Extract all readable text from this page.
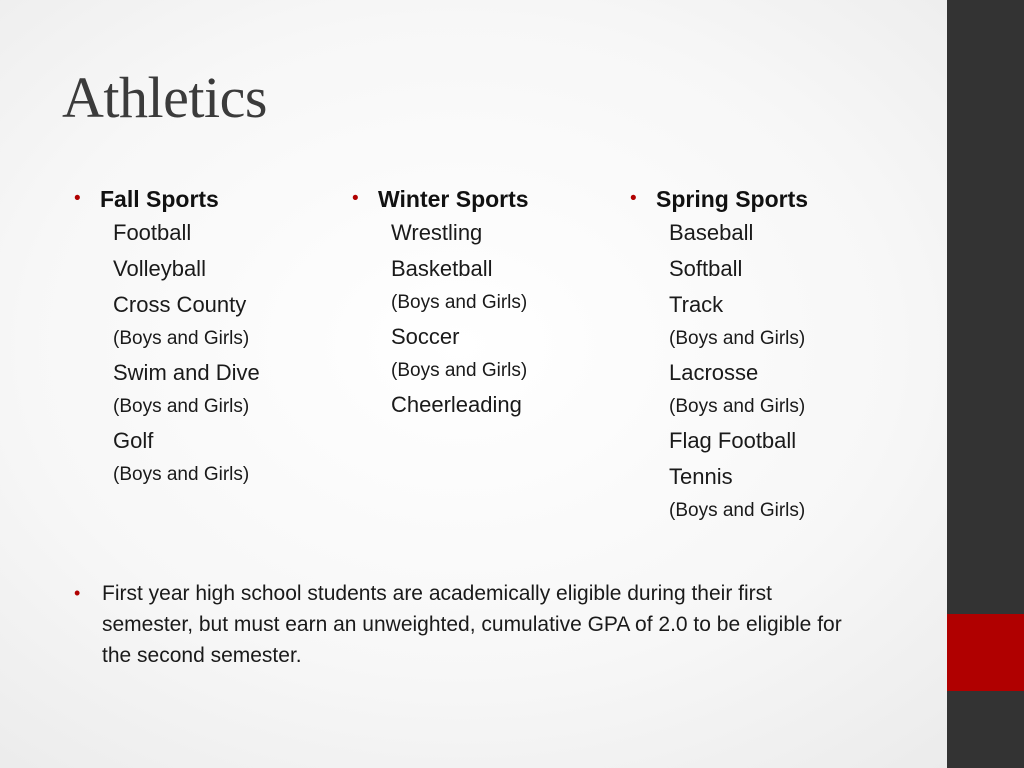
Athletics
• Fall Sports
Football
Volleyball
Cross County
(Boys and Girls)
Swim and Dive
(Boys and Girls)
Golf
(Boys and Girls)
• Winter Sports
Wrestling
Basketball
(Boys and Girls)
Soccer
(Boys and Girls)
Cheerleading
• Spring Sports
Baseball
Softball
Track
(Boys and Girls)
Lacrosse
(Boys and Girls)
Flag Football
Tennis
(Boys and Girls)
•	First year high school students are academically eligible during their first semester, but must earn an unweighted, cumulative GPA of 2.0 to be eligible for the second semester.
